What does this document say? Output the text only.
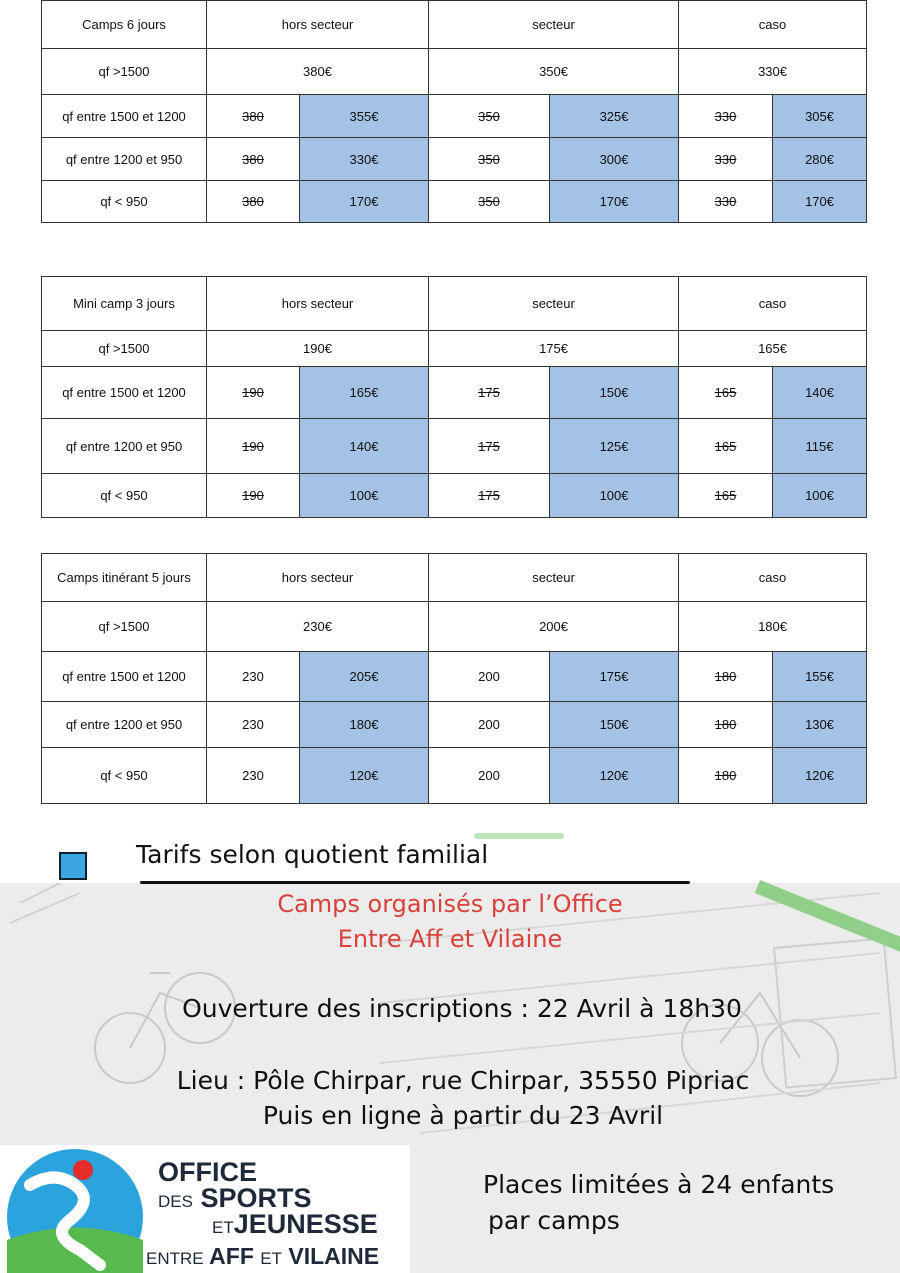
Camps 6 jours	hors secteur		secteur		caso	
qf >1500	380€		350€		330€	
qf entre 1500 et 1200	380	355€	350	325€	330	305€
qf entre 1200 et 950	380	330€	350	300€	330	280€
qf < 950	380	170€	350	170€	330	170€
Mini camp 3 jours	hors secteur		secteur		caso	
qf >1500	190€		175€		165€	
qf entre 1500 et 1200	190	165€	175	150€	165	140€
qf entre 1200 et 950	190	140€	175	125€	165	115€
qf < 950	190	100€	175	100€	165	100€
Camps itinérant 5 jours	hors secteur		secteur		caso	
qf >1500	230€		200€		180€	
qf entre 1500 et 1200	230	205€	200	175€	180	155€
qf entre 1200 et 950	230	180€	200	150€	180	130€
qf < 950	230	120€	200	120€	180	120€
Tarifs selon quotient familial
Camps organisés par l’Office
Entre Aff et Vilaine
Ouverture des inscriptions : 22 Avril à 18h30
Lieu : Pôle Chirpar, rue Chirpar, 35550 Pipriac
Puis en ligne à partir du 23 Avril
OFFICE
DES SPORTS
ETJEUNESSE
ENTRE AFF ET VILAINE
Places limitées à 24 enfants
par camps
